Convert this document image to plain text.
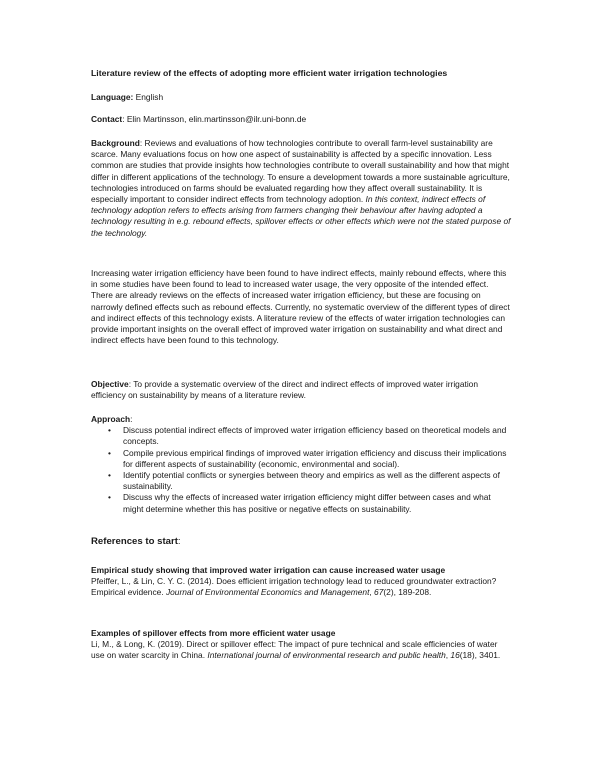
Literature review of the effects of adopting more efficient water irrigation technologies

Language: English

Contact: Elin Martinsson, elin.martinsson@ilr.uni-bonn.de

Background: Reviews and evaluations of how technologies contribute to overall farm-level sustainability are scarce. Many evaluations focus on how one aspect of sustainability is affected by a specific innovation. Less common are studies that provide insights how technologies contribute to overall sustainability and how that might differ in different applications of the technology. To ensure a development towards a more sustainable agriculture, technologies introduced on farms should be evaluated regarding how they affect overall sustainability. It is especially important to consider indirect effects from technology adoption. In this context, indirect effects of technology adoption refers to effects arising from farmers changing their behaviour after having adopted a technology resulting in e.g. rebound effects, spillover effects or other effects which were not the stated purpose of the technology.

Increasing water irrigation efficiency have been found to have indirect effects, mainly rebound effects, where this in some studies have been found to lead to increased water usage, the very opposite of the intended effect. There are already reviews on the effects of increased water irrigation efficiency, but these are focusing on narrowly defined effects such as rebound effects. Currently, no systematic overview of the different types of direct and indirect effects of this technology exists. A literature review of the effects of water irrigation technologies can provide important insights on the overall effect of improved water irrigation on sustainability and what direct and indirect effects have been found to this technology.

Objective: To provide a systematic overview of the direct and indirect effects of improved water irrigation efficiency on sustainability by means of a literature review.

Approach:

• Discuss potential indirect effects of improved water irrigation efficiency based on theoretical models and concepts.
• Compile previous empirical findings of improved water irrigation efficiency and discuss their implications for different aspects of sustainability (economic, environmental and social).
• Identify potential conflicts or synergies between theory and empirics as well as the different aspects of sustainability.
• Discuss why the effects of increased water irrigation efficiency might differ between cases and what might determine whether this has positive or negative effects on sustainability.

References to start:

Empirical study showing that improved water irrigation can cause increased water usage

Pfeiffer, L., & Lin, C. Y. C. (2014). Does efficient irrigation technology lead to reduced groundwater extraction? Empirical evidence. Journal of Environmental Economics and Management, 67(2), 189-208.

Examples of spillover effects from more efficient water usage

Li, M., & Long, K. (2019). Direct or spillover effect: The impact of pure technical and scale efficiencies of water use on water scarcity in China. International journal of environmental research and public health, 16(18), 3401.
